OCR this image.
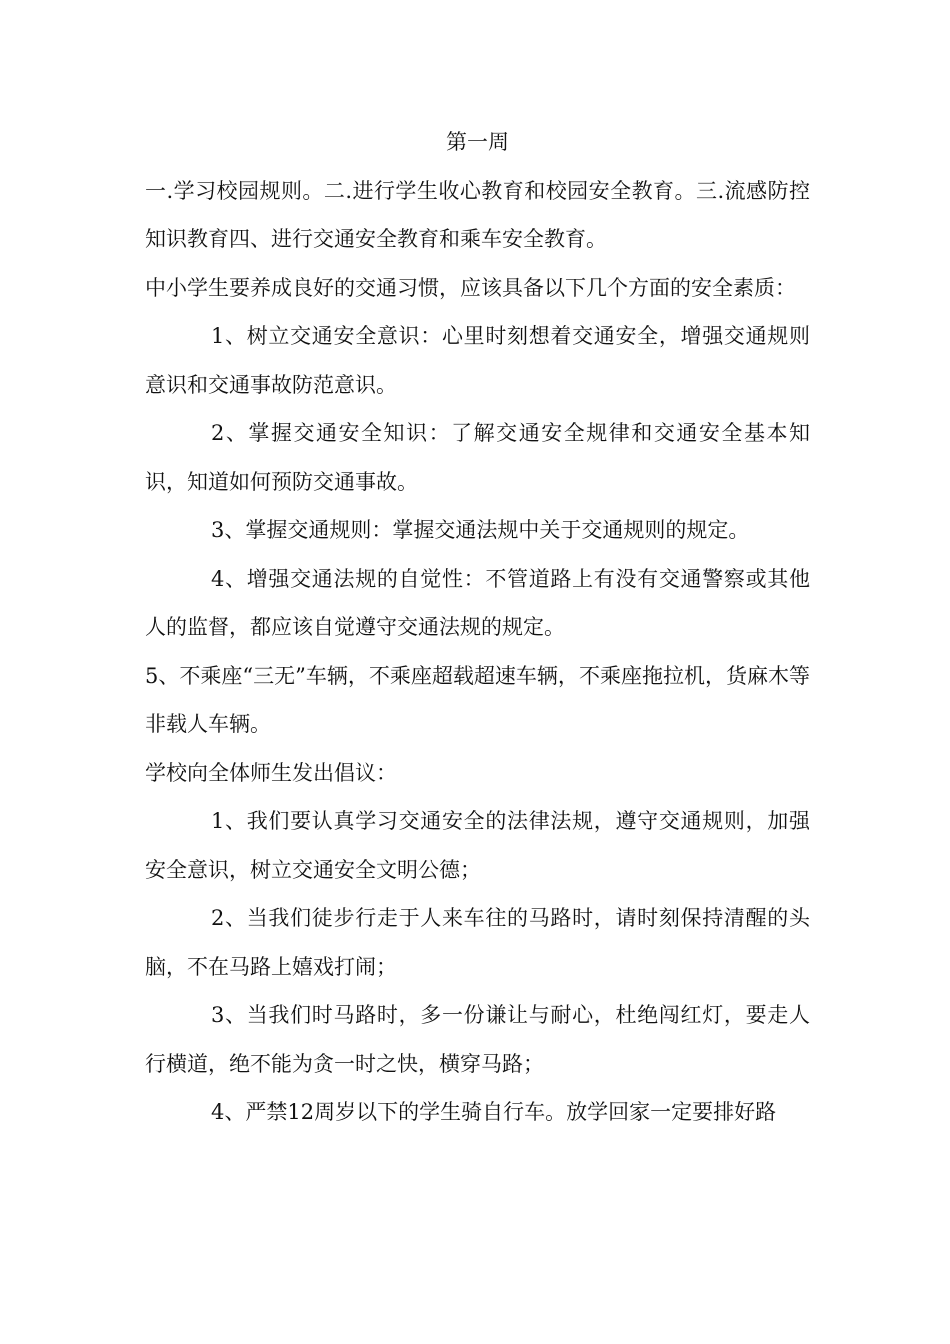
第一周

一.学习校园规则。二.进行学生收心教育和校园安全教育。三.流感防控知识教育四、进行交通安全教育和乘车安全教育。

中小学生要养成良好的交通习惯，应该具备以下几个方面的安全素质：

1、树立交通安全意识：心里时刻想着交通安全，增强交通规则意识和交通事故防范意识。

2、掌握交通安全知识：了解交通安全规律和交通安全基本知识，知道如何预防交通事故。

3、掌握交通规则：掌握交通法规中关于交通规则的规定。

4、增强交通法规的自觉性：不管道路上有没有交通警察或其他人的监督，都应该自觉遵守交通法规的规定。

5、不乘座“三无”车辆，不乘座超载超速车辆，不乘座拖拉机，货麻木等非载人车辆。

学校向全体师生发出倡议：

1、我们要认真学习交通安全的法律法规，遵守交通规则，加强安全意识，树立交通安全文明公德；

2、当我们徒步行走于人来车往的马路时，请时刻保持清醒的头脑，不在马路上嬉戏打闹；

3、当我们时马路时，多一份谦让与耐心，杜绝闯红灯，要走人行横道，绝不能为贪一时之快，横穿马路；

4、严禁12周岁以下的学生骑自行车。放学回家一定要排好路
